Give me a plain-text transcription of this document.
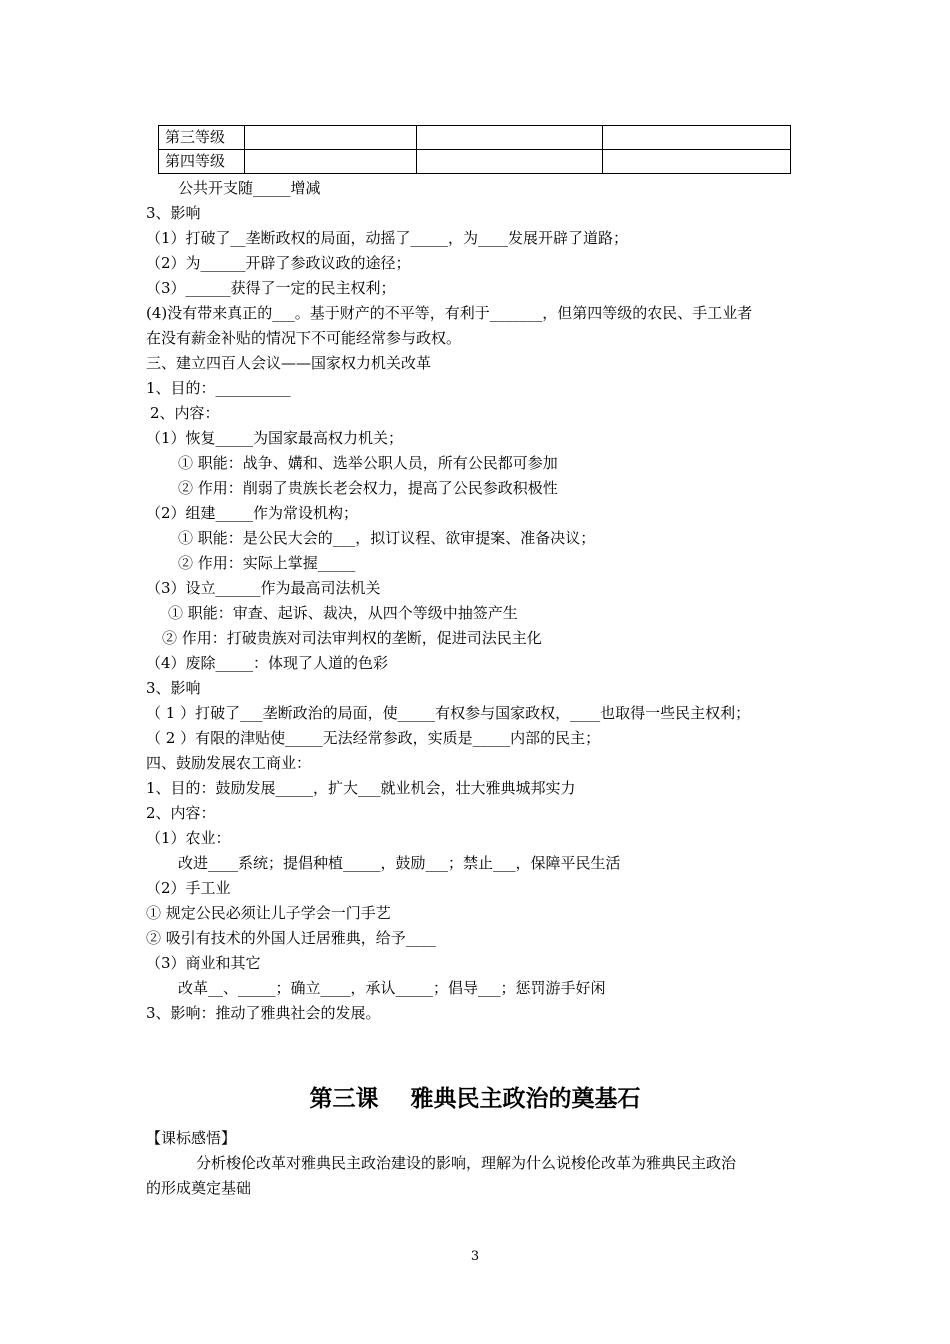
第三等级			
第四等级			
公共开支随_____增减
3、影响
（1）打破了__垄断政权的局面，动摇了_____，为____发展开辟了道路；
（2）为______开辟了参政议政的途径；
（3）______获得了一定的民主权利；
(4)没有带来真正的___。基于财产的不平等，有利于_______，但第四等级的农民、手工业者
在没有薪金补贴的情况下不可能经常参与政权。
三、建立四百人会议——国家权力机关改革
1、目的：__________
2、内容：
（1）恢复_____为国家最高权力机关；
① 职能：战争、媾和、选举公职人员，所有公民都可参加
② 作用：削弱了贵族长老会权力，提高了公民参政积极性
（2）组建_____作为常设机构；
① 职能：是公民大会的___，拟订议程、欲审提案、准备决议；
② 作用：实际上掌握_____
（3）设立______作为最高司法机关
① 职能：审查、起诉、裁决，从四个等级中抽签产生
② 作用：打破贵族对司法审判权的垄断，促进司法民主化
（4）废除_____：体现了人道的色彩
3、影响
（ 1 ）打破了___垄断政治的局面，使_____有权参与国家政权，____也取得一些民主权利；
（ 2 ）有限的津贴使_____无法经常参政，实质是_____内部的民主；
四、鼓励发展农工商业：
1、目的：鼓励发展_____，扩大___就业机会，壮大雅典城邦实力
2、内容：
（1）农业：
改进____系统；提倡种植_____，鼓励___；禁止___，保障平民生活
（2）手工业
① 规定公民必须让儿子学会一门手艺
② 吸引有技术的外国人迁居雅典，给予____
（3）商业和其它
改革__、_____；确立____，承认_____；倡导___；惩罚游手好闲
3、影响：推动了雅典社会的发展。
第三课    雅典民主政治的奠基石
【课标感悟】
分析梭伦改革对雅典民主政治建设的影响，理解为什么说梭伦改革为雅典民主政治
的形成奠定基础
3
